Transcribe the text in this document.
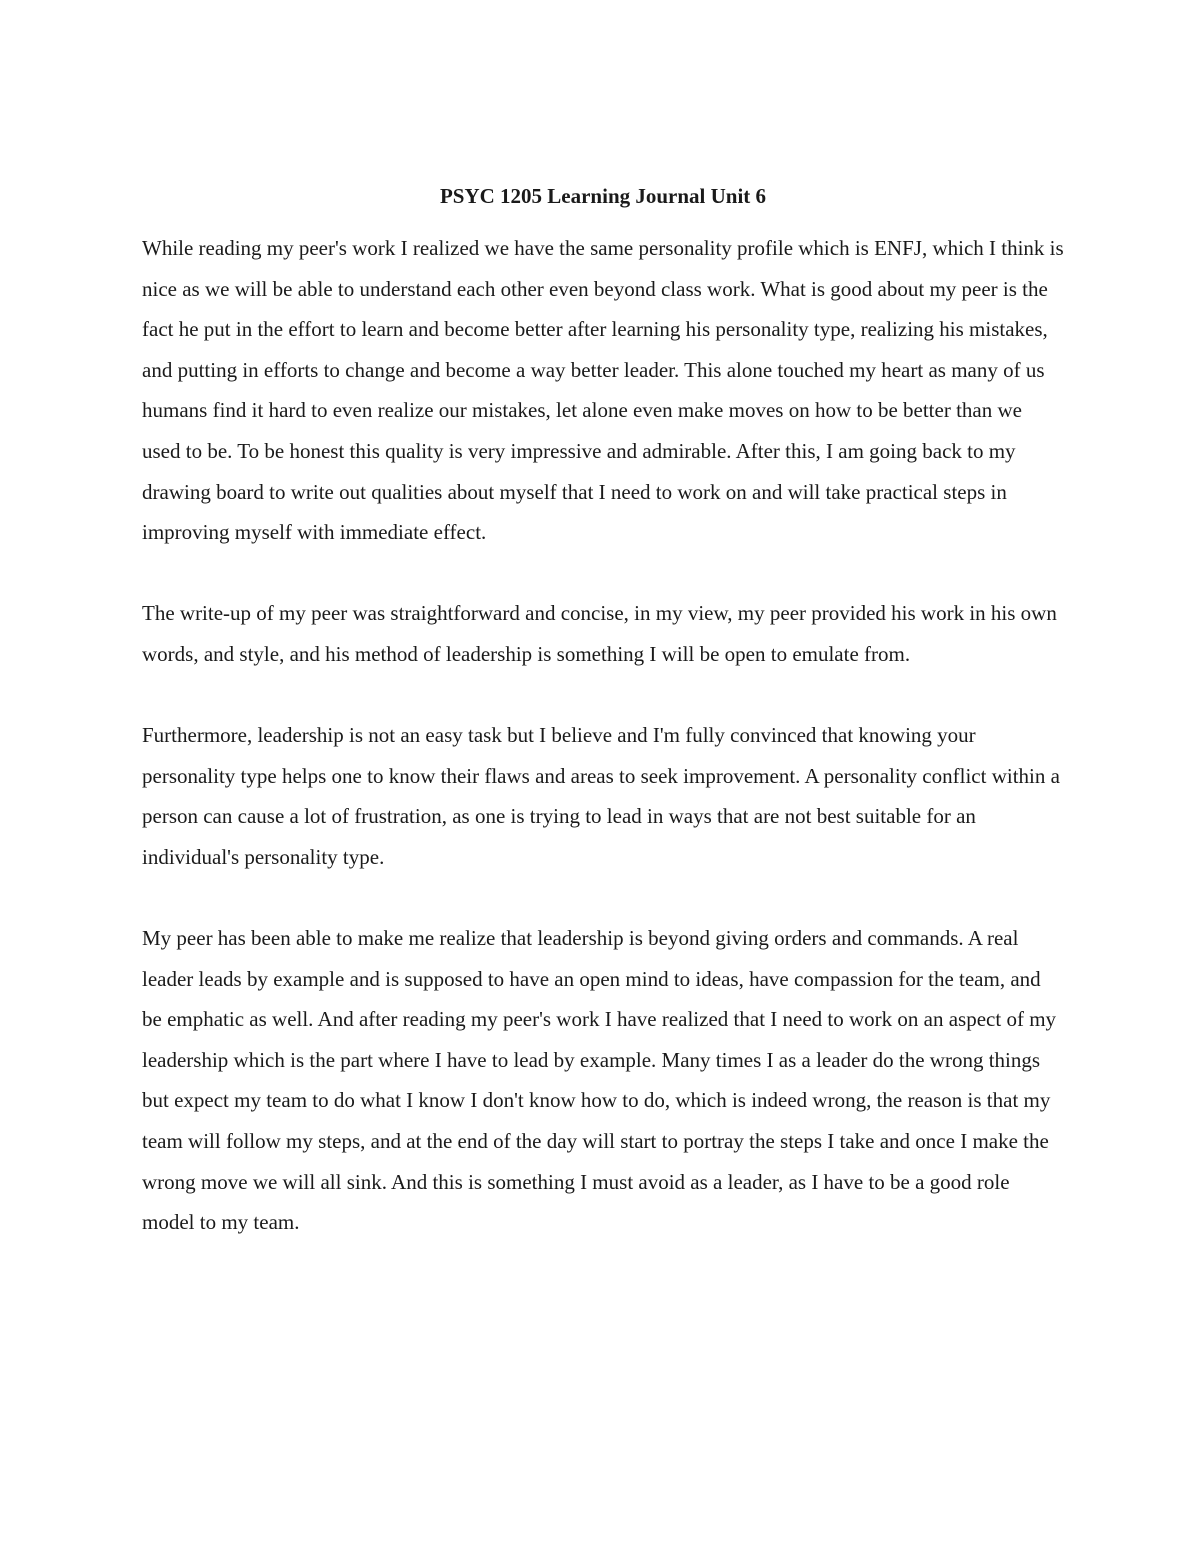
PSYC 1205 Learning Journal Unit 6

While reading my peer's work I realized we have the same personality profile which is ENFJ, which I think is nice as we will be able to understand each other even beyond class work. What is good about my peer is the fact he put in the effort to learn and become better after learning his personality type, realizing his mistakes, and putting in efforts to change and become a way better leader. This alone touched my heart as many of us humans find it hard to even realize our mistakes, let alone even make moves on how to be better than we used to be. To be honest this quality is very impressive and admirable. After this, I am going back to my drawing board to write out qualities about myself that I need to work on and will take practical steps in improving myself with immediate effect.

The write-up of my peer was straightforward and concise, in my view, my peer provided his work in his own words, and style, and his method of leadership is something I will be open to emulate from.

Furthermore, leadership is not an easy task but I believe and I'm fully convinced that knowing your personality type helps one to know their flaws and areas to seek improvement. A personality conflict within a person can cause a lot of frustration, as one is trying to lead in ways that are not best suitable for an individual's personality type.

My peer has been able to make me realize that leadership is beyond giving orders and commands. A real leader leads by example and is supposed to have an open mind to ideas, have compassion for the team, and be emphatic as well. And after reading my peer's work I have realized that I need to work on an aspect of my leadership which is the part where I have to lead by example. Many times I as a leader do the wrong things but expect my team to do what I know I don't know how to do, which is indeed wrong, the reason is that my team will follow my steps, and at the end of the day will start to portray the steps I take and once I make the wrong move we will all sink. And this is something I must avoid as a leader, as I have to be a good role model to my team.
